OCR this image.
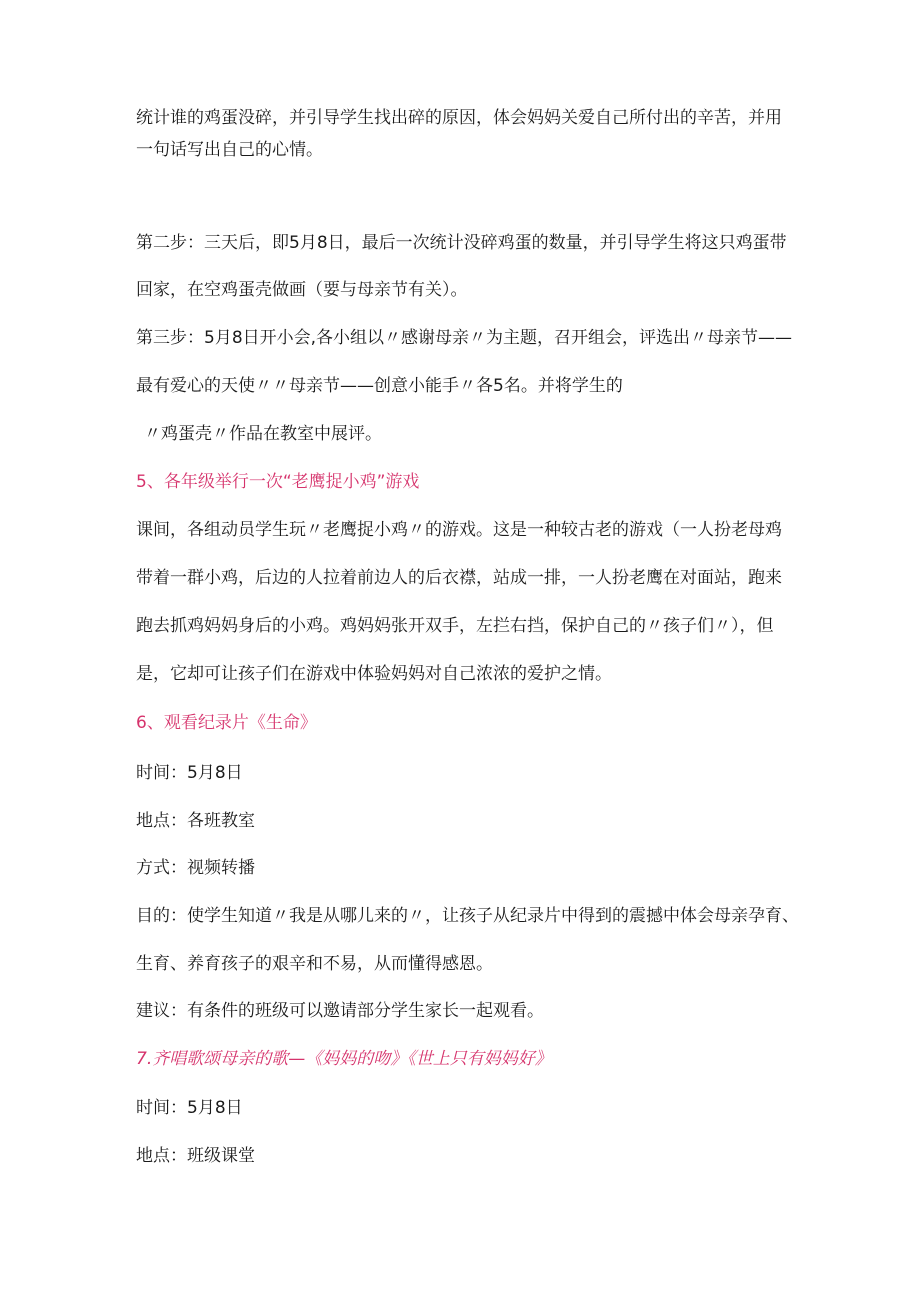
统计谁的鸡蛋没碎，并引导学生找出碎的原因，体会妈妈关爱自己所付出的辛苦，并用
一句话写出自己的心情。
第二步：三天后，即5月8日，最后一次统计没碎鸡蛋的数量，并引导学生将这只鸡蛋带
回家，在空鸡蛋壳做画（要与母亲节有关）。
第三步：5月8日开小会,各小组以〃感谢母亲〃为主题，召开组会，评选出〃母亲节——
最有爱心的天使〃〃母亲节——创意小能手〃各5名。并将学生的
〃鸡蛋壳〃作品在教室中展评。
5、各年级举行一次“老鹰捉小鸡”游戏
课间，各组动员学生玩〃老鹰捉小鸡〃的游戏。这是一种较古老的游戏（一人扮老母鸡
带着一群小鸡，后边的人拉着前边人的后衣襟，站成一排，一人扮老鹰在对面站，跑来
跑去抓鸡妈妈身后的小鸡。鸡妈妈张开双手，左拦右挡，保护自己的〃孩子们〃），但
是，它却可让孩子们在游戏中体验妈妈对自己浓浓的爱护之情。
6、观看纪录片《生命》
时间：5月8日
地点：各班教室
方式：视频转播
目的：使学生知道〃我是从哪儿来的〃，让孩子从纪录片中得到的震撼中体会母亲孕育、
生育、养育孩子的艰辛和不易，从而懂得感恩。
建议：有条件的班级可以邀请部分学生家长一起观看。
7.齐唱歌颂母亲的歌—《妈妈的吻》《世上只有妈妈好》
时间：5月8日
地点：班级课堂
